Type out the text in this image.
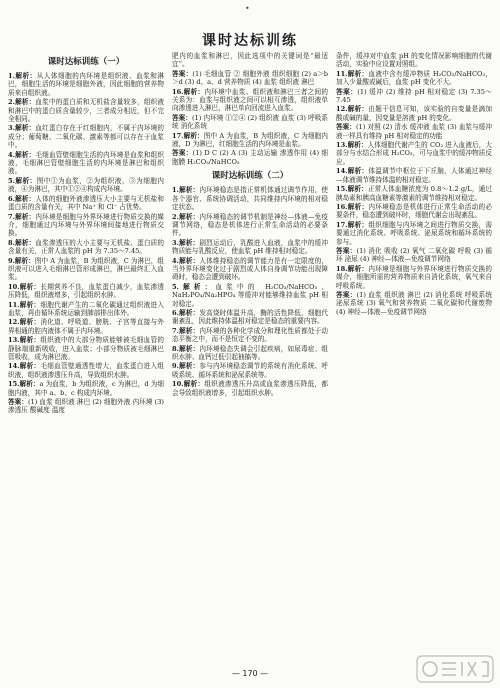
•
课时达标训练
课时达标训练（一）

1.解析：从人体细胞的内环境是组织液、血浆和淋巴，细胞生活的环境是细胞外液，因此细胞的营养物质来自组织液。

2.解析：血浆中的蛋白质和无机盐含量较多，组织液和淋巴中的蛋白质含量较少，三者成分相近，但不完全相同。

3.解析：血红蛋白存在于红细胞内，不属于内环境的成分；葡萄糖、二氧化碳、激素等都可以存在于血浆中。

4.解析：毛细血管壁细胞生活的内环境是血浆和组织液，毛细淋巴管壁细胞生活的内环境是淋巴和组织液。

5.解析：图中①为血浆，②为组织液，③为细胞内液，④为淋巴，其中①②④构成内环境。

6.解析：人体的细胞外液渗透压大小主要与无机盐和蛋白质的含量有关，其中 Na⁺ 和 Cl⁻ 占优势。

7.解析：内环境是细胞与外界环境进行物质交换的媒介，细胞通过内环境与外界环境间接地进行物质交换。

8.解析：血浆渗透压的大小主要与无机盐、蛋白质的含量有关，正常人血浆的 pH 为 7.35～7.45。

9.解析：图中 A 为血浆，B 为组织液，C 为淋巴，组织液可以进入毛细淋巴管形成淋巴，淋巴最终汇入血浆。

10.解析：长期营养不良，血浆蛋白减少，血浆渗透压降低，组织液增多，引起组织水肿。

11.解析：细胞代谢产生的二氧化碳通过组织液进入血浆，再由循环系统运输到肺部排出体外。

12.解析：消化道、呼吸道、膀胱、子宫等直接与外界相通的腔内液体不属于内环境。

13.解析：组织液中的大部分物质能够被毛细血管的静脉端重新吸收，进入血浆；小部分物质被毛细淋巴管吸收，成为淋巴液。

14.解析：毛细血管壁通透性增大，血浆蛋白进入组织液，组织液渗透压升高，导致组织水肿。

15.解析：a 为血浆，b 为组织液，c 为淋巴，d 为细胞内液，其中 a、b、c 构成内环境。

答案：(1) 血浆 组织液 淋巴 (2) 细胞外液 内环境 (3) 渗透压 酸碱度 温度

肥内的血浆和淋巴，因此选项中的关键词是“最适宜”。

答案：(1) 毛细血管 ② 细胞外液 组织细胞 (2) a＞b＞d (3) d、a、d 营养物质 (4) 血浆 组织液 淋巴

16.解析：内环境中血浆、组织液和淋巴三者之间的关系为：血浆与组织液之间可以相互渗透，组织液单向渗透进入淋巴，淋巴单向回流进入血浆。

答案：(1) 内环境 ①②④ (2) 组织液 血浆 (3) 呼吸系统 消化系统

17.解析：图中 A 为血浆，B 为组织液，C 为细胞内液，D 为淋巴，红细胞生活的内环境是血浆。

答案：(1) D C (2) A (3) 主动运输 渗透作用 (4) 细胞膜 H₂CO₃/NaHCO₃

课时达标训练（二）

1.解析：内环境稳态是指正常机体通过调节作用，使各个器官、系统协调活动，共同维持内环境的相对稳定状态。

2.解析：内环境稳态的调节机制是神经—体液—免疫调节网络，稳态是机体进行正常生命活动的必要条件。

3.解析：剧烈运动后，乳酸进入血液，血浆中的缓冲物质能与乳酸反应，使血浆 pH 维持相对稳定。

4.解析：人体维持稳态的调节能力是有一定限度的，当外界环境变化过于剧烈或人体自身调节功能出现障碍时，稳态会遭到破坏。

5.解析：血浆中的 H₂CO₃/NaHCO₃、NaH₂PO₄/Na₂HPO₄ 等缓冲对能够维持血浆 pH 相对稳定。

6.解析：发高烧时体温升高，酶的活性降低，细胞代谢紊乱，因此维持体温相对稳定是稳态的重要内容。

7.解析：内环境的各种化学成分和理化性质都处于动态平衡之中，而不是恒定不变的。

8.解析：内环境稳态失调会引起疾病，如尿毒症、组织水肿、血钙过低引起抽搐等。

9.解析：参与内环境稳态调节的系统有消化系统、呼吸系统、循环系统和泌尿系统等。

10.解析：组织液渗透压升高或血浆渗透压降低，都会导致组织液增多，引起组织水肿。

条件，缓冲对中血浆 pH 的变化情况影响细胞的代谢活动，实验中应设置对照组。

11.解析：血液中含有缓冲物质 H₂CO₃/NaHCO₃，加入少量酸或碱后，血浆 pH 变化不大。

答案：(1) 缓冲 (2) 维持 pH 相对稳定 (3) 7.35～7.45

12.解析：由题干信息可知，该实验的自变量是滴加酸或碱的量，因变量是溶液 pH 的变化。

答案：(1) 对照 (2) 清水 缓冲液 血浆 (3) 血浆与缓冲液一样具有维持 pH 相对稳定的功能

13.解析：人体细胞代谢产生的 CO₂ 进入血液后，大部分与水结合形成 H₂CO₃，可与血浆中的缓冲物质反应。

14.解析：体温调节中枢位于下丘脑，人体通过神经—体液调节维持体温的相对稳定。

15.解析：正常人体血糖浓度为 0.8～1.2 g/L，通过胰岛素和胰高血糖素等激素的调节维持相对稳定。

16.解析：内环境稳态是机体进行正常生命活动的必要条件，稳态遭到破坏时，细胞代谢会出现紊乱。

17.解析：组织细胞与内环境之间进行物质交换，需要通过消化系统、呼吸系统、泌尿系统和循环系统的参与。

答案：(1) 消化 吸收 (2) 氧气 二氧化碳 呼吸 (3) 循环 泌尿 (4) 神经—体液—免疫调节网络

18.解析：内环境是细胞与外界环境进行物质交换的媒介，细胞所需的营养物质来自消化系统，氧气来自呼吸系统。

答案：(1) 血浆 组织液 淋巴 (2) 消化系统 呼吸系统 泌尿系统 (3) 氧气和营养物质 二氧化碳和代谢废物 (4) 神经—体液—免疫调节网络

— 170 —
